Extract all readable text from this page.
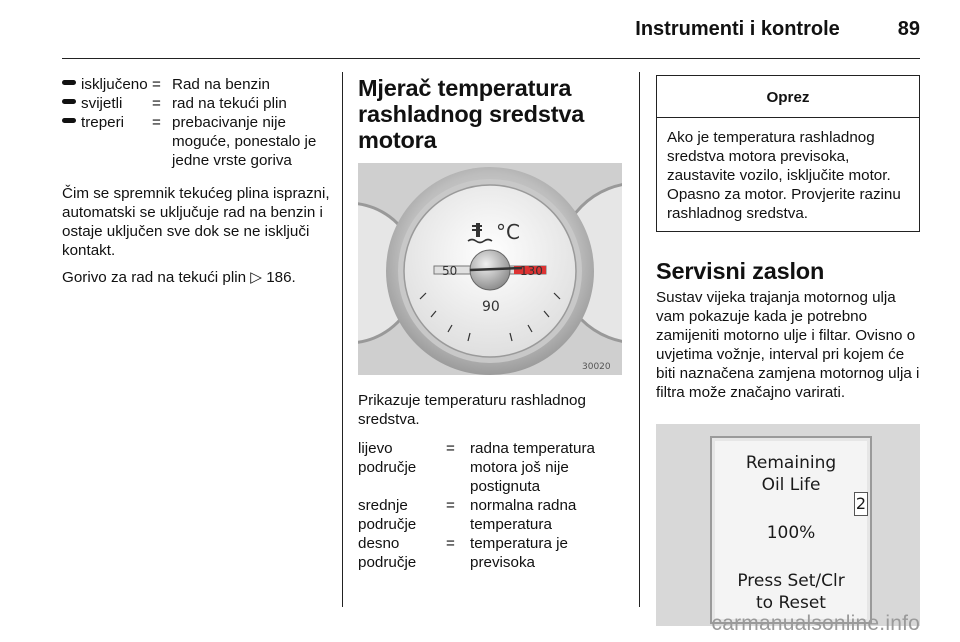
Instrumenti i kontrole	89
isključeno	=	Rad na benzin
svijetli	=	rad na tekući plin
treperi	=	prebacivanje nije moguće, ponestalo je jedne vrste goriva

Čim se spremnik tekućeg plina isprazni, automatski se uključuje rad na benzin i ostaje uključen sve dok se ne isključi kontakt.

Gorivo za rad na tekući plin ▷ 186.

Mjerač temperatura rashladnog sredstva motora
50	130
90
°C
30020

Prikazuje temperaturu rashladnog sredstva.

lijevo područje	=	radna temperatura motora još nije postignuta
srednje područje	=	normalna radna temperatura
desno područje	=	temperatura je previsoka
Oprez
Ako je temperatura rashladnog sredstva motora previsoka, zaustavite vozilo, isključite motor. Opasno za motor. Provjerite razinu rashladnog sredstva.
Servisni zaslon

Sustav vijeka trajanja motornog ulja vam pokazuje kada je potrebno zamijeniti motorno ulje i filtar. Ovisno o uvjetima vožnje, interval pri kojem će biti naznačena zamjena motornog ulja i filtra može značajno varirati.

Remaining
Oil Life
2
100%
Press Set/Clr
to Reset
carmanualsonline.info
